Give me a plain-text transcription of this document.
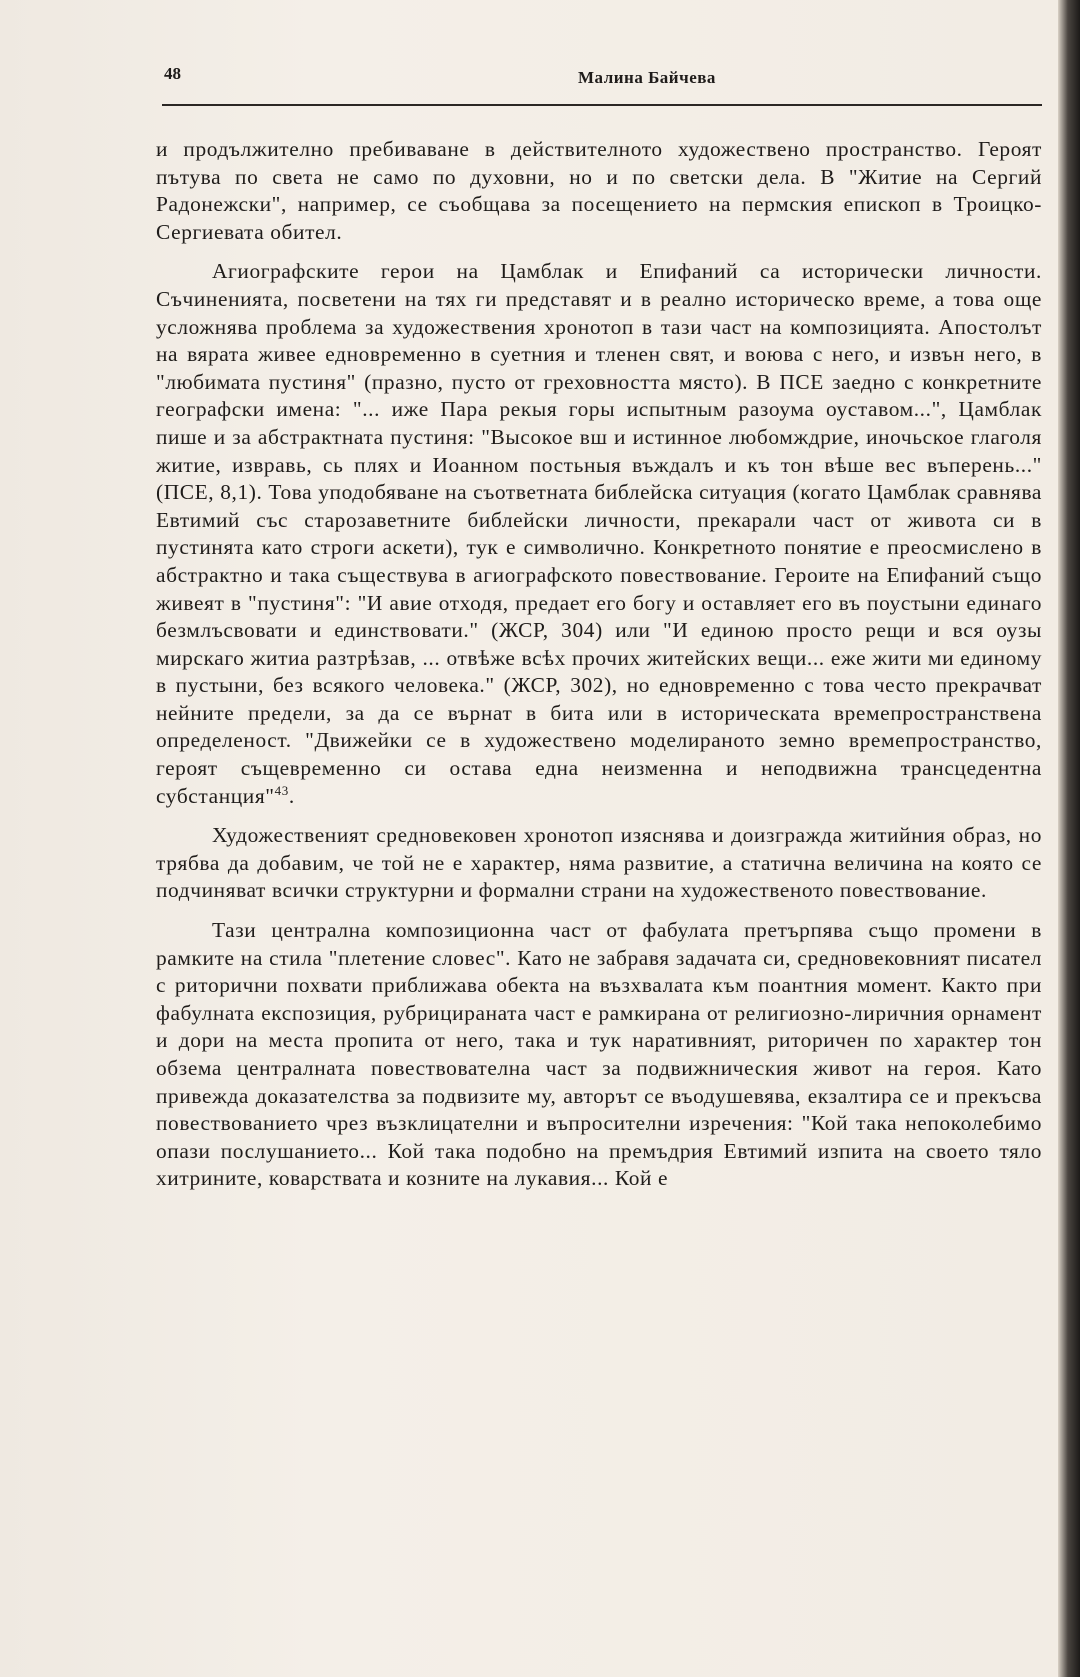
48	Малина Байчева

и продължително пребиваване в действителното художествено пространство. Героят пътува по света не само по духовни, но и по светски дела. В "Житие на Сергий Радонежски", например, се съобщава за посещението на пермския епископ в Троицко-Сергиевата обител.

Агиографските герои на Цамблак и Епифаний са исторически личности. Съчиненията, посветени на тях ги представят и в реално историческо време, а това още усложнява проблема за художествения хронотоп в тази част на композицията. Апостолът на вярата живее едновременно в суетния и тленен свят, и воюва с него, и извън него, в "любимата пустиня" (празно, пусто от греховността място). В ПСЕ заедно с конкретните географски имена: "... иже Пара рекыя горы испытным разоума оуставом...", Цамблак пише и за абстрактната пустиня: "Высокое вш и истинное любомждрие, иночьское глаголя житие, извравь, сь плях и Иоанном постьныя въждалъ и къ тон вѣше вес въперень..." (ПСЕ, 8,1). Това уподобяване на съответната библейска ситуация (когато Цамблак сравнява Евтимий със старозаветните библейски личности, прекарали част от живота си в пустинята като строги аскети), тук е символично. Конкретното понятие е преосмислено в абстрактно и така съществува в агиографското повествование. Героите на Епифаний също живеят в "пустиня": "И авие отходя, предает его богу и оставляет его въ поустыни единаго безмлъсвовати и единствовати." (ЖСР, 304) или "И единою просто рещи и вся оузы мирскаго житиа разтрѣзав, ... отвѣже всѣх прочих житейских вещи... еже жити ми единому в пустыни, без всякого человека." (ЖСР, 302), но едновременно с това често прекрачват нейните предели, за да се върнат в бита или в историческата времепространствена определеност. "Движейки се в художествено моделираното земно времепространство, героят същевременно си остава една неизменна и неподвижна трансцедентна субстанция"$^{43}$.

Художественият средновековен хронотоп изяснява и доизгражда житийния образ, но трябва да добавим, че той не е характер, няма развитие, а статична величина на която се подчиняват всички структурни и формални страни на художественото повествование.

Тази централна композиционна част от фабулата претърпява също промени в рамките на стила "плетение словес". Като не забравя задачата си, средновековният писател с риторични похвати приближава обекта на възхвалата към поантния момент. Както при фабулната експозиция, рубрицираната част е рамкирана от религиозно-лиричния орнамент и дори на места пропита от него, така и тук наративният, риторичен по характер тон обзема централната повествователна част за подвижническия живот на героя. Като привежда доказателства за подвизите му, авторът се въодушевява, екзалтира се и прекъсва повествованието чрез възклицателни и въпросителни изречения: "Кой така непоколебимо опази послушанието... Кой така подобно на премъдрия Евтимий изпита на своето тяло хитрините, коварствата и козните на лукавия... Кой е
